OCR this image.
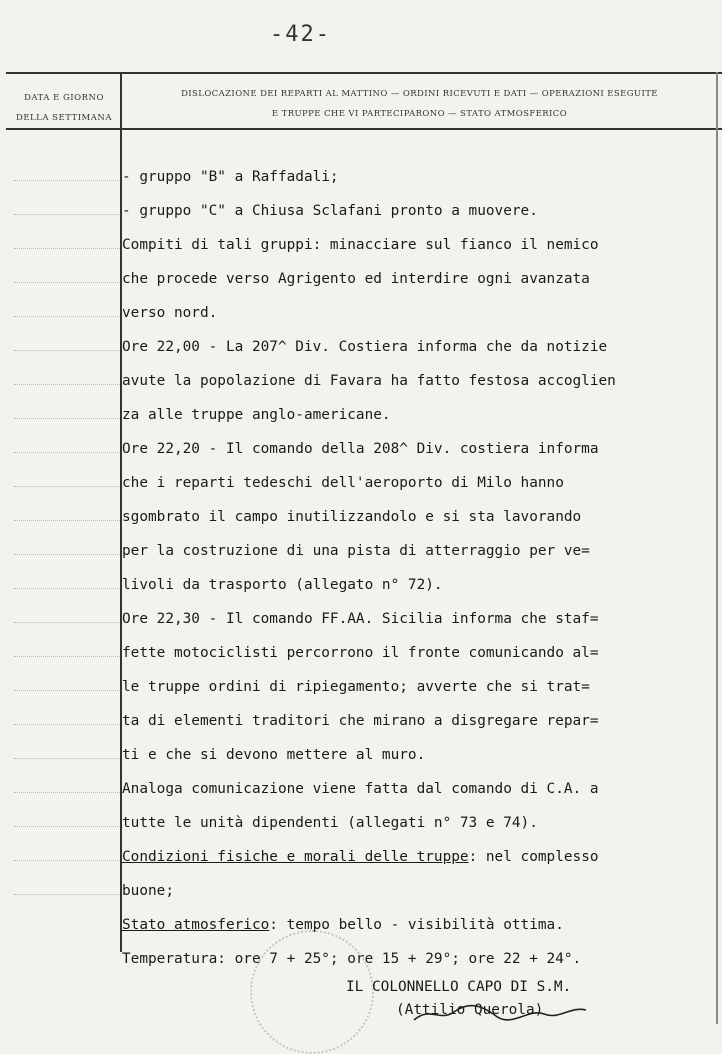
-42-
DATA E GIORNO
DELLA SETTIMANA
DISLOCAZIONE DEI REPARTI AL MATTINO — ORDINI RICEVUTI E DATI — OPERAZIONI ESEGUITE
E TRUPPE CHE VI PARTECIPARONO — STATO ATMOSFERICO
- gruppo "B" a Raffadali;
- gruppo "C" a Chiusa Sclafani pronto a muovere.
Compiti di tali gruppi: minacciare sul fianco il nemico
che procede verso Agrigento ed interdire ogni avanzata
verso nord.
Ore 22,00 - La 207^ Div. Costiera informa che da notizie
avute la popolazione di Favara ha fatto festosa accoglien
za alle truppe anglo-americane.
Ore 22,20 - Il comando della 208^ Div. costiera informa
che i reparti tedeschi dell'aeroporto di Milo hanno
sgombrato il campo inutilizzandolo e si sta lavorando
per la costruzione di una pista di atterraggio per ve=
livoli da trasporto (allegato n° 72).
Ore 22,30 - Il comando FF.AA. Sicilia informa che staf=
fette motociclisti percorrono il fronte comunicando al=
le truppe ordini di ripiegamento; avverte che si trat=
ta di elementi traditori che mirano a disgregare repar=
ti e che si devono mettere al muro.
Analoga comunicazione viene fatta dal comando di C.A. a
tutte le unità dipendenti (allegati n° 73 e 74).
Condizioni fisiche e morali delle truppe: nel complesso
buone;
Stato atmosferico: tempo bello - visibilità ottima.
Temperatura: ore 7 + 25°; ore 15 + 29°; ore 22 + 24°.
IL COLONNELLO CAPO DI S.M.
(Attilio Querola)
